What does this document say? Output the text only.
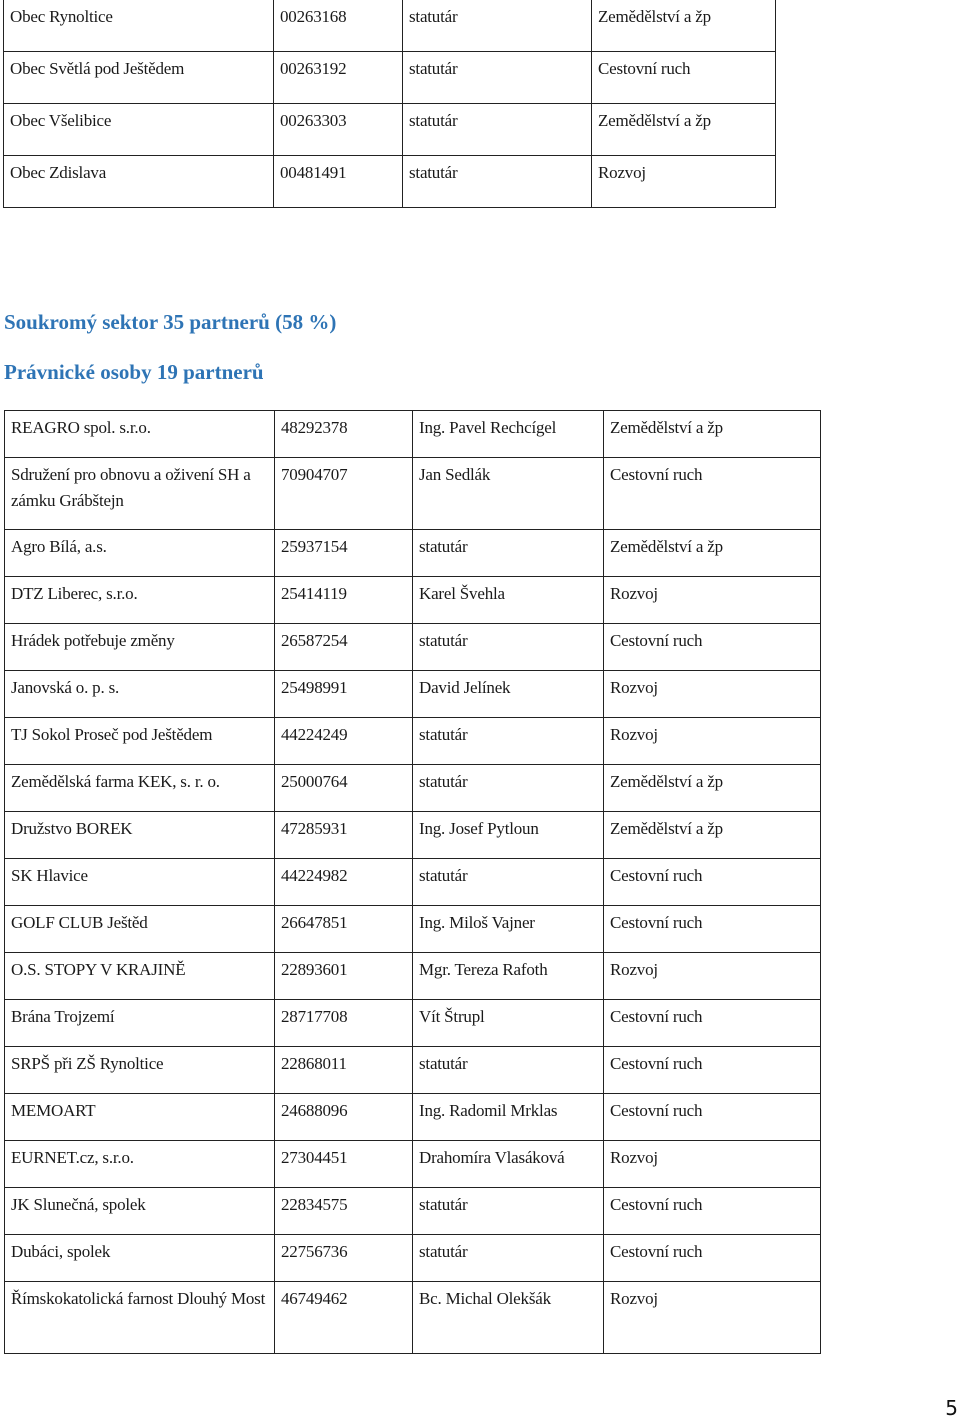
Obec Rynoltice	00263168	statutár	Zemědělství a žp
Obec Světlá pod Ještědem	00263192	statutár	Cestovní ruch
Obec Všelibice	00263303	statutár	Zemědělství a žp
Obec Zdislava	00481491	statutár	Rozvoj
Soukromý sektor 35 partnerů (58 %)
Právnické osoby 19 partnerů
REAGRO spol. s.r.o.	48292378	Ing. Pavel Rechcígel	Zemědělství a žp
Sdružení pro obnovu a oživení SH a zámku Grábštejn	70904707	Jan Sedlák	Cestovní ruch
Agro Bílá, a.s.	25937154	statutár	Zemědělství a žp
DTZ Liberec, s.r.o.	25414119	Karel Švehla	Rozvoj
Hrádek potřebuje změny	26587254	statutár	Cestovní ruch
Janovská o. p. s.	25498991	David Jelínek	Rozvoj
TJ Sokol Proseč pod Ještědem	44224249	statutár	Rozvoj
Zemědělská farma KEK, s. r. o.	25000764	statutár	Zemědělství a žp
Družstvo BOREK	47285931	Ing. Josef Pytloun	Zemědělství a žp
SK Hlavice	44224982	statutár	Cestovní ruch
GOLF CLUB Ještěd	26647851	Ing. Miloš Vajner	Cestovní ruch
O.S. STOPY V KRAJINĚ	22893601	Mgr. Tereza Rafoth	Rozvoj
Brána Trojzemí	28717708	Vít Štrupl	Cestovní ruch
SRPŠ při ZŠ Rynoltice	22868011	statutár	Cestovní ruch
MEMOART	24688096	Ing. Radomil Mrklas	Cestovní ruch
EURNET.cz, s.r.o.	27304451	Drahomíra Vlasáková	Rozvoj
JK Slunečná, spolek	22834575	statutár	Cestovní ruch
Dubáci, spolek	22756736	statutár	Cestovní ruch
Římskokatolická farnost Dlouhý Most	46749462	Bc. Michal Olekšák	Rozvoj
5
